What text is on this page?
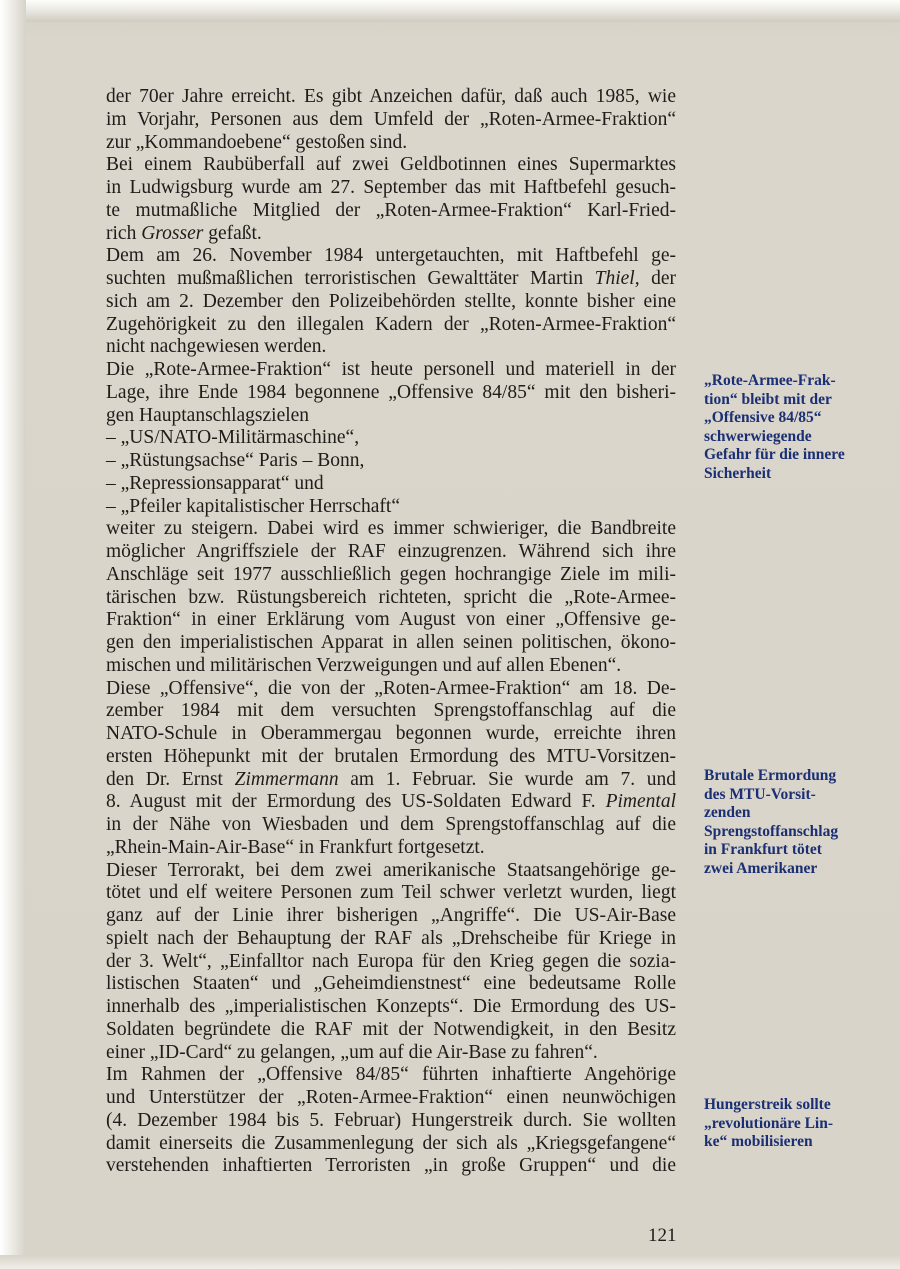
der 70er Jahre erreicht. Es gibt Anzeichen dafür, daß auch 1985, wie
im Vorjahr, Personen aus dem Umfeld der „Roten-Armee-Fraktion“
zur „Kommandoebene“ gestoßen sind.
Bei einem Raubüberfall auf zwei Geldbotinnen eines Supermarktes
in Ludwigsburg wurde am 27. September das mit Haftbefehl gesuch-
te mutmaßliche Mitglied der „Roten-Armee-Fraktion“ Karl-Fried-
rich Grosser gefaßt.
Dem am 26. November 1984 untergetauchten, mit Haftbefehl ge-
suchten mußmaßlichen terroristischen Gewalttäter Martin Thiel, der
sich am 2. Dezember den Polizeibehörden stellte, konnte bisher eine
Zugehörigkeit zu den illegalen Kadern der „Roten-Armee-Fraktion“
nicht nachgewiesen werden.
Die „Rote-Armee-Fraktion“ ist heute personell und materiell in der
Lage, ihre Ende 1984 begonnene „Offensive 84/85“ mit den bisheri-
gen Hauptanschlagszielen
– „US/NATO-Militärmaschine“,
– „Rüstungsachse“ Paris – Bonn,
– „Repressionsapparat“ und
– „Pfeiler kapitalistischer Herrschaft“
weiter zu steigern. Dabei wird es immer schwieriger, die Bandbreite
möglicher Angriffsziele der RAF einzugrenzen. Während sich ihre
Anschläge seit 1977 ausschließlich gegen hochrangige Ziele im mili-
tärischen bzw. Rüstungsbereich richteten, spricht die „Rote-Armee-
Fraktion“ in einer Erklärung vom August von einer „Offensive ge-
gen den imperialistischen Apparat in allen seinen politischen, ökono-
mischen und militärischen Verzweigungen und auf allen Ebenen“.
Diese „Offensive“, die von der „Roten-Armee-Fraktion“ am 18. De-
zember 1984 mit dem versuchten Sprengstoffanschlag auf die
NATO-Schule in Oberammergau begonnen wurde, erreichte ihren
ersten Höhepunkt mit der brutalen Ermordung des MTU-Vorsitzen-
den Dr. Ernst Zimmermann am 1. Februar. Sie wurde am 7. und
8. August mit der Ermordung des US-Soldaten Edward F. Pimental
in der Nähe von Wiesbaden und dem Sprengstoffanschlag auf die
„Rhein-Main-Air-Base“ in Frankfurt fortgesetzt.
Dieser Terrorakt, bei dem zwei amerikanische Staatsangehörige ge-
tötet und elf weitere Personen zum Teil schwer verletzt wurden, liegt
ganz auf der Linie ihrer bisherigen „Angriffe“. Die US-Air-Base
spielt nach der Behauptung der RAF als „Drehscheibe für Kriege in
der 3. Welt“, „Einfalltor nach Europa für den Krieg gegen die sozia-
listischen Staaten“ und „Geheimdienstnest“ eine bedeutsame Rolle
innerhalb des „imperialistischen Konzepts“. Die Ermordung des US-
Soldaten begründete die RAF mit der Notwendigkeit, in den Besitz
einer „ID-Card“ zu gelangen, „um auf die Air-Base zu fahren“.
Im Rahmen der „Offensive 84/85“ führten inhaftierte Angehörige
und Unterstützer der „Roten-Armee-Fraktion“ einen neunwöchigen
(4. Dezember 1984 bis 5. Februar) Hungerstreik durch. Sie wollten
damit einerseits die Zusammenlegung der sich als „Kriegsgefangene“
verstehenden inhaftierten Terroristen „in große Gruppen“ und die
„Rote-Armee-Frak-
tion“ bleibt mit der
„Offensive 84/85“
schwerwiegende
Gefahr für die innere
Sicherheit
Brutale Ermordung
des MTU-Vorsit-
zenden
Sprengstoffanschlag
in Frankfurt tötet
zwei Amerikaner
Hungerstreik sollte
„revolutionäre Lin-
ke“ mobilisieren
121
